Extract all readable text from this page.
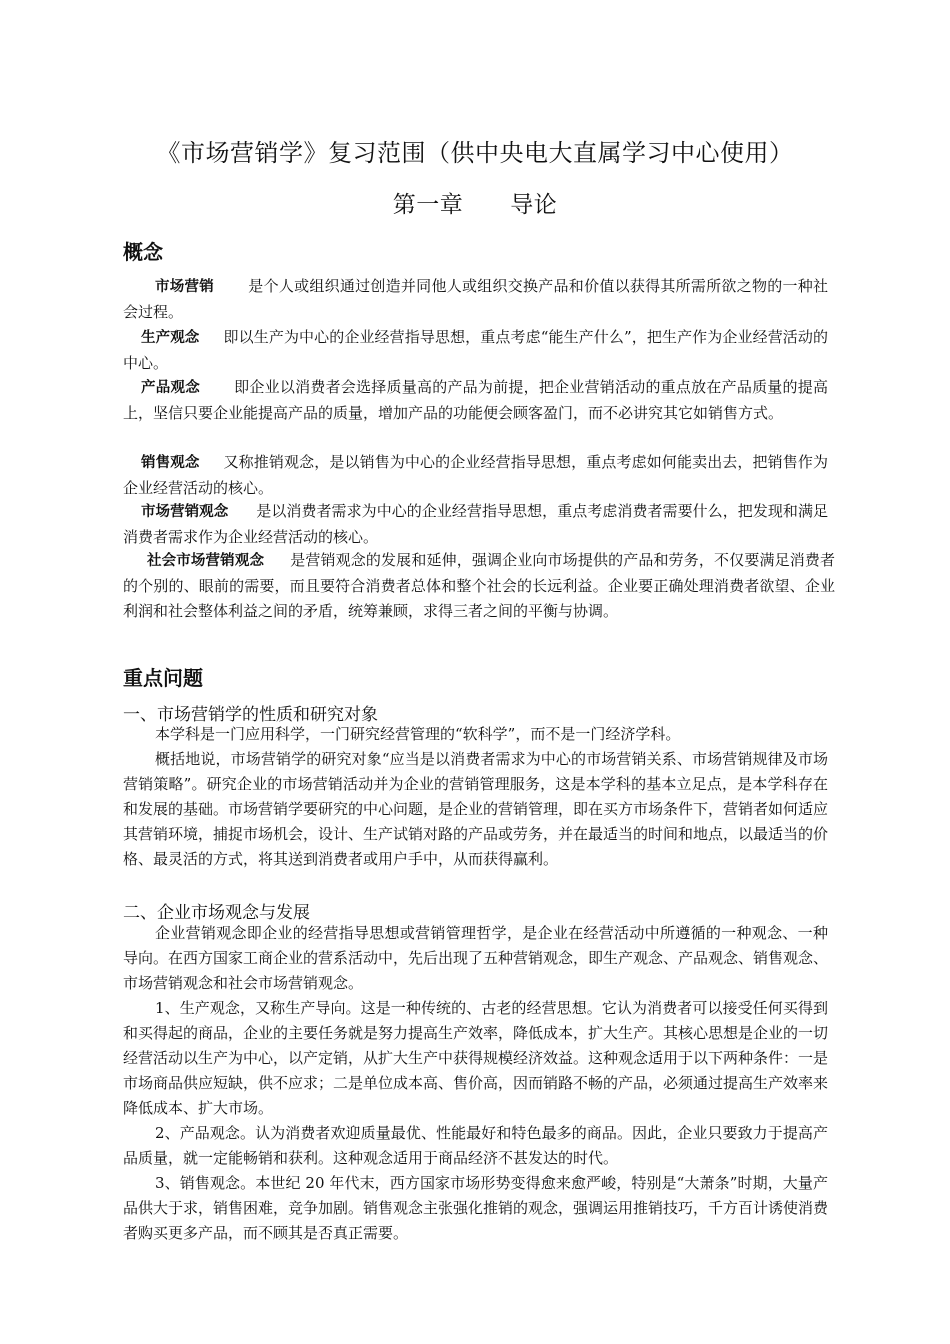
《市场营销学》复习范围（供中央电大直属学习中心使用）
第一章　　导论
概念
市场营销 是个人或组织通过创造并同他人或组织交换产品和价值以获得其所需所欲之物的一种社会过程。
生产观念 即以生产为中心的企业经营指导思想，重点考虑“能生产什么”，把生产作为企业经营活动的中心。
产品观念 即企业以消费者会选择质量高的产品为前提，把企业营销活动的重点放在产品质量的提高上，坚信只要企业能提高产品的质量，增加产品的功能便会顾客盈门，而不必讲究其它如销售方式。
销售观念 又称推销观念，是以销售为中心的企业经营指导思想，重点考虑如何能卖出去，把销售作为企业经营活动的核心。
市场营销观念 是以消费者需求为中心的企业经营指导思想，重点考虑消费者需要什么，把发现和满足消费者需求作为企业经营活动的核心。
社会市场营销观念 是营销观念的发展和延伸，强调企业向市场提供的产品和劳务，不仅要满足消费者的个别的、眼前的需要，而且要符合消费者总体和整个社会的长远利益。企业要正确处理消费者欲望、企业利润和社会整体利益之间的矛盾，统筹兼顾，求得三者之间的平衡与协调。
重点问题
一、市场营销学的性质和研究对象
本学科是一门应用科学，一门研究经营管理的“软科学”，而不是一门经济学科。
概括地说，市场营销学的研究对象“应当是以消费者需求为中心的市场营销关系、市场营销规律及市场营销策略”。研究企业的市场营销活动并为企业的营销管理服务，这是本学科的基本立足点，是本学科存在和发展的基础。市场营销学要研究的中心问题，是企业的营销管理，即在买方市场条件下，营销者如何适应其营销环境，捕捉市场机会，设计、生产试销对路的产品或劳务，并在最适当的时间和地点，以最适当的价格、最灵活的方式，将其送到消费者或用户手中，从而获得赢利。
二、企业市场观念与发展
企业营销观念即企业的经营指导思想或营销管理哲学，是企业在经营活动中所遵循的一种观念、一种导向。在西方国家工商企业的营系活动中，先后出现了五种营销观念，即生产观念、产品观念、销售观念、市场营销观念和社会市场营销观念。
1、生产观念，又称生产导向。这是一种传统的、古老的经营思想。它认为消费者可以接受任何买得到和买得起的商品，企业的主要任务就是努力提高生产效率，降低成本，扩大生产。其核心思想是企业的一切经营活动以生产为中心，以产定销，从扩大生产中获得规模经济效益。这种观念适用于以下两种条件：一是市场商品供应短缺，供不应求；二是单位成本高、售价高，因而销路不畅的产品，必须通过提高生产效率来降低成本、扩大市场。
2、产品观念。认为消费者欢迎质量最优、性能最好和特色最多的商品。因此，企业只要致力于提高产品质量，就一定能畅销和获利。这种观念适用于商品经济不甚发达的时代。
3、销售观念。本世纪 20 年代末，西方国家市场形势变得愈来愈严峻，特别是“大萧条”时期，大量产品供大于求，销售困难，竞争加剧。销售观念主张强化推销的观念，强调运用推销技巧，千方百计诱使消费者购买更多产品，而不顾其是否真正需要。
